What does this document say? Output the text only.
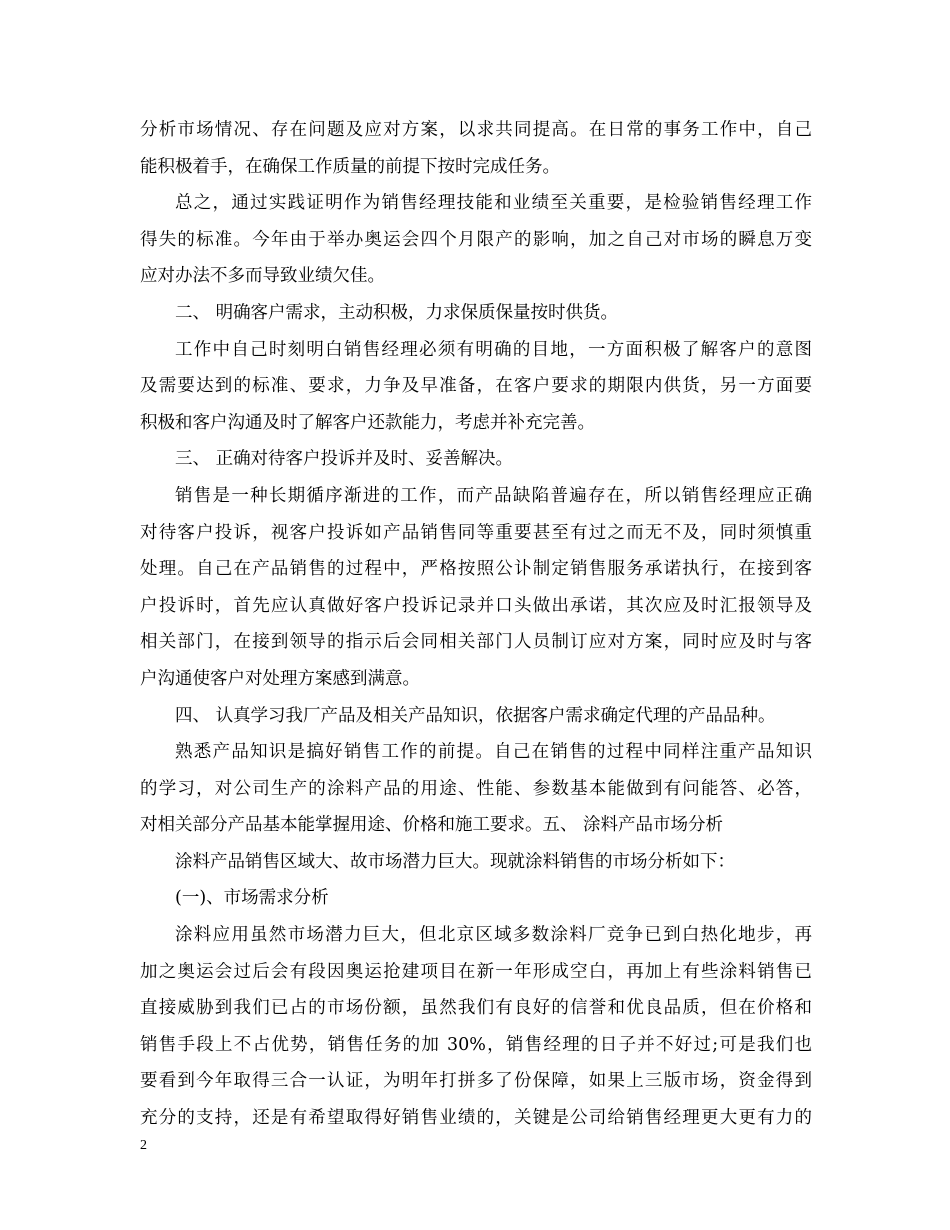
分析市场情况、存在问题及应对方案，以求共同提高。在日常的事务工作中，自己
能积极着手，在确保工作质量的前提下按时完成任务。
总之，通过实践证明作为销售经理技能和业绩至关重要，是检验销售经理工作
得失的标准。今年由于举办奥运会四个月限产的影响，加之自己对市场的瞬息万变
应对办法不多而导致业绩欠佳。
二、 明确客户需求，主动积极，力求保质保量按时供货。
工作中自己时刻明白销售经理必须有明确的目地，一方面积极了解客户的意图
及需要达到的标准、要求，力争及早准备，在客户要求的期限内供货，另一方面要
积极和客户沟通及时了解客户还款能力，考虑并补充完善。
三、 正确对待客户投诉并及时、妥善解决。
销售是一种长期循序渐进的工作，而产品缺陷普遍存在，所以销售经理应正确
对待客户投诉，视客户投诉如产品销售同等重要甚至有过之而无不及，同时须慎重
处理。自己在产品销售的过程中，严格按照公讣制定销售服务承诺执行，在接到客
户投诉时，首先应认真做好客户投诉记录并口头做出承诺，其次应及时汇报领导及
相关部门，在接到领导的指示后会同相关部门人员制订应对方案，同时应及时与客
户沟通使客户对处理方案感到满意。
四、 认真学习我厂产品及相关产品知识，依据客户需求确定代理的产品品种。
熟悉产品知识是搞好销售工作的前提。自己在销售的过程中同样注重产品知识
的学习，对公司生产的涂料产品的用途、性能、参数基本能做到有问能答、必答，
对相关部分产品基本能掌握用途、价格和施工要求。五、 涂料产品市场分析
涂料产品销售区域大、故市场潜力巨大。现就涂料销售的市场分析如下：
(一)、市场需求分析
涂料应用虽然市场潜力巨大，但北京区域多数涂料厂竞争已到白热化地步，再
加之奥运会过后会有段因奥运抢建项目在新一年形成空白，再加上有些涂料销售已
直接威胁到我们已占的市场份额，虽然我们有良好的信誉和优良品质，但在价格和
销售手段上不占优势，销售任务的加 30%，销售经理的日子并不好过;可是我们也
要看到今年取得三合一认证，为明年打拼多了份保障，如果上三版市场，资金得到
充分的支持，还是有希望取得好销售业绩的，关键是公司给销售经理更大更有力的
2
